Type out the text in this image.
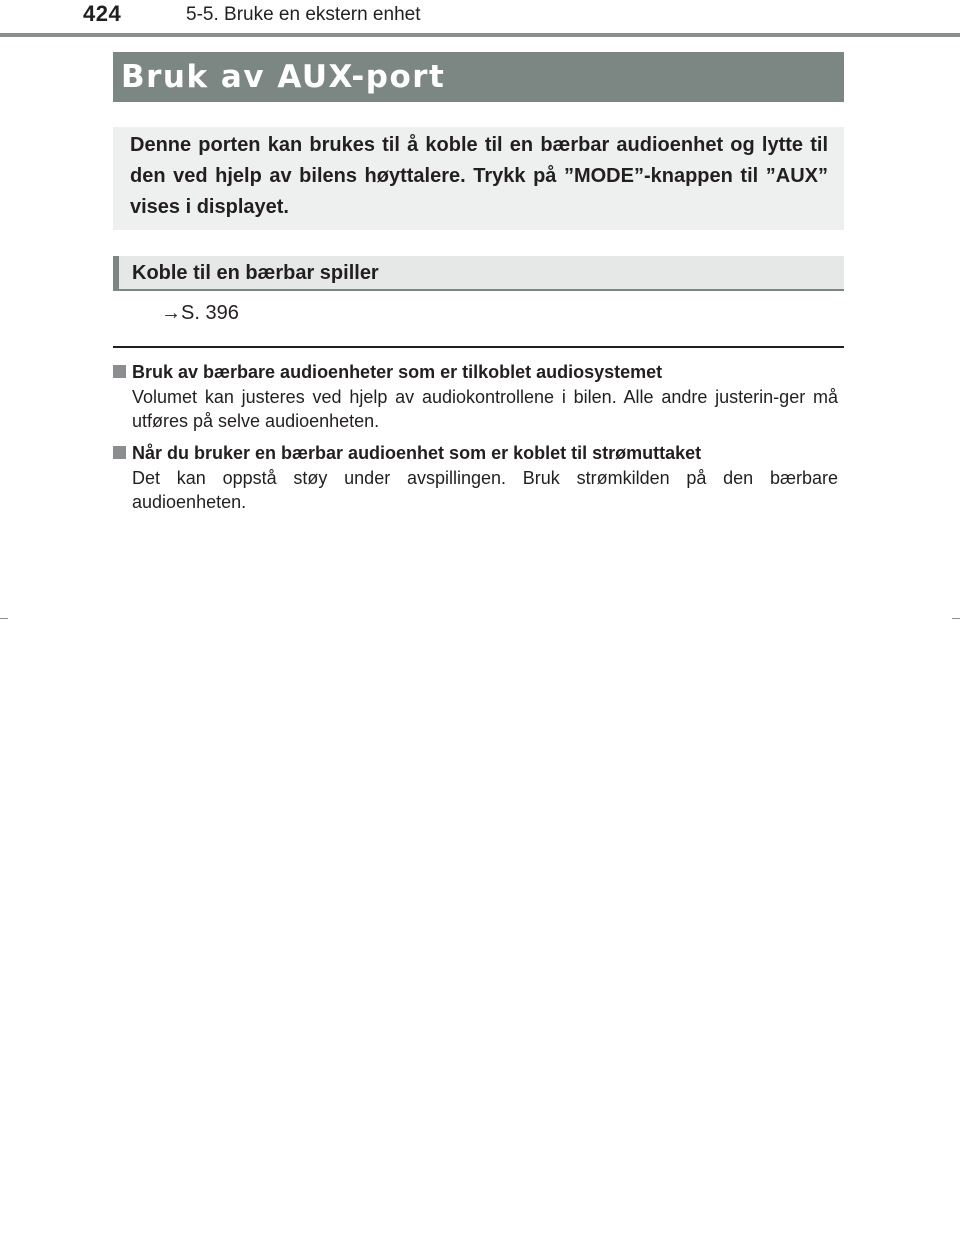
424	5-5. Bruke en ekstern enhet
Bruk av AUX-port
Denne porten kan brukes til å koble til en bærbar audioenhet og lytte til den ved hjelp av bilens høyttalere. Trykk på ”MODE”-knappen til ”AUX” vises i displayet.
Koble til en bærbar spiller
→S. 396
Bruk av bærbare audioenheter som er tilkoblet audiosystemet
Volumet kan justeres ved hjelp av audiokontrollene i bilen. Alle andre justerin-ger må utføres på selve audioenheten.
Når du bruker en bærbar audioenhet som er koblet til strømuttaket
Det kan oppstå støy under avspillingen. Bruk strømkilden på den bærbare audioenheten.
